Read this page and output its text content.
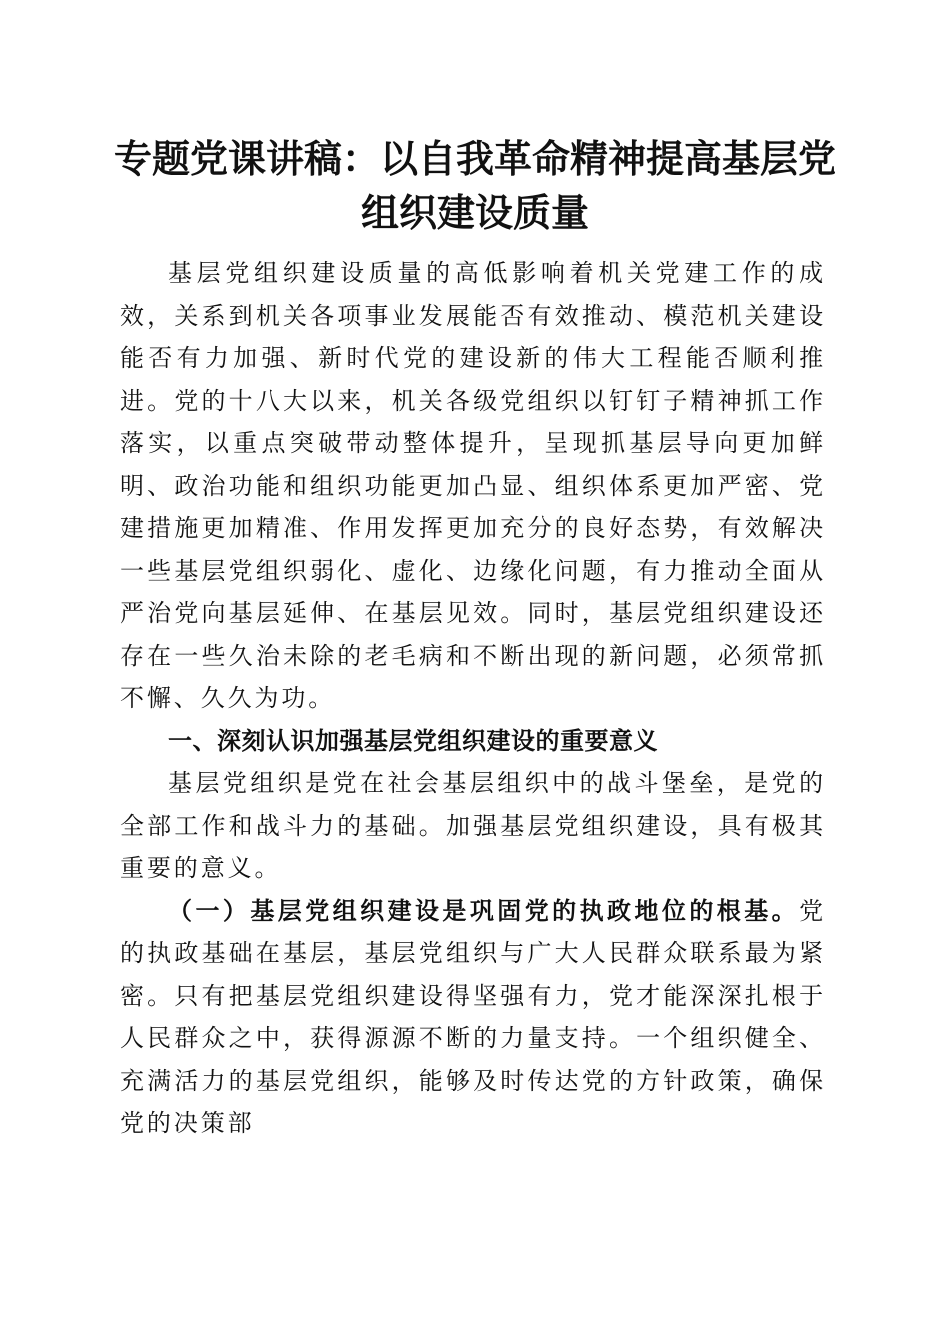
专题党课讲稿：以自我革命精神提高基层党组织建设质量

基层党组织建设质量的高低影响着机关党建工作的成效，关系到机关各项事业发展能否有效推动、模范机关建设能否有力加强、新时代党的建设新的伟大工程能否顺利推进。党的十八大以来，机关各级党组织以钉钉子精神抓工作落实，以重点突破带动整体提升，呈现抓基层导向更加鲜明、政治功能和组织功能更加凸显、组织体系更加严密、党建措施更加精准、作用发挥更加充分的良好态势，有效解决一些基层党组织弱化、虚化、边缘化问题，有力推动全面从严治党向基层延伸、在基层见效。同时，基层党组织建设还存在一些久治未除的老毛病和不断出现的新问题，必须常抓不懈、久久为功。

一、深刻认识加强基层党组织建设的重要意义

基层党组织是党在社会基层组织中的战斗堡垒，是党的全部工作和战斗力的基础。加强基层党组织建设，具有极其重要的意义。

（一）基层党组织建设是巩固党的执政地位的根基。党的执政基础在基层，基层党组织与广大人民群众联系最为紧密。只有把基层党组织建设得坚强有力，党才能深深扎根于人民群众之中，获得源源不断的力量支持。一个组织健全、充满活力的基层党组织，能够及时传达党的方针政策，确保党的决策部
